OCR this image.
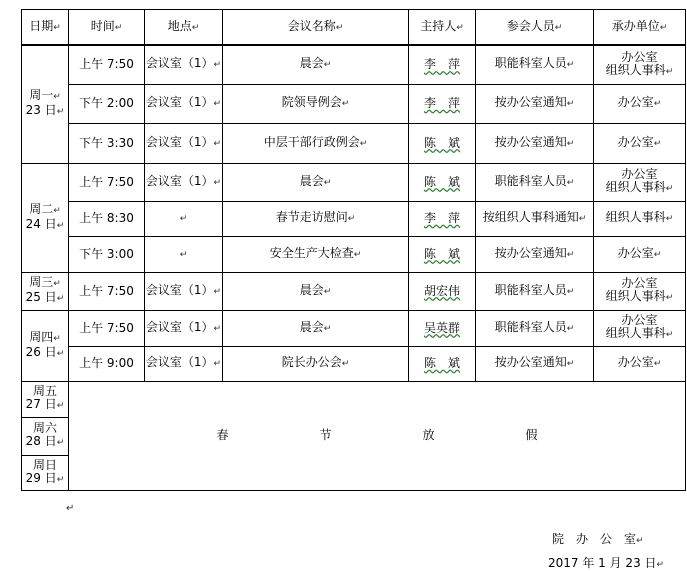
日期↵	时间↵	地点↵	会议名称↵	主持人↵	参会人员↵	承办单位↵
周一↵
23 日↵	上午 7:50	会议室（1）↵	晨会↵	李　萍	职能科室人员↵	办公室
组织人事科↵
	下午 2:00	会议室（1）↵	院领导例会↵	李　萍	按办公室通知↵	办公室↵
	下午 3:30	会议室（1）↵	中层干部行政例会↵	陈　斌	按办公室通知↵	办公室↵
周二↵
24 日↵	上午 7:50	会议室（1）↵	晨会↵	陈　斌	职能科室人员↵	办公室
组织人事科↵
	上午 8:30	↵	春节走访慰问↵	李　萍	按组织人事科通知↵	组织人事科↵
	下午 3:00	↵	安全生产大检查↵	陈　斌	按办公室通知↵	办公室↵
周三↵
25 日↵	上午 7:50	会议室（1）↵	晨会↵	胡宏伟	职能科室人员↵	办公室
组织人事科↵
周四↵
26 日↵	上午 7:50	会议室（1）↵	晨会↵	吴英群	职能科室人员↵	办公室
组织人事科↵
	上午 9:00	会议室（1）↵	院长办公会↵	陈　斌	按办公室通知↵	办公室↵
周五
27 日↵	春 节 放 假					
周六
28 日↵						
周日
29 日↵						
院　办　公　室↵
2017 年 1 月 23 日↵
↵
